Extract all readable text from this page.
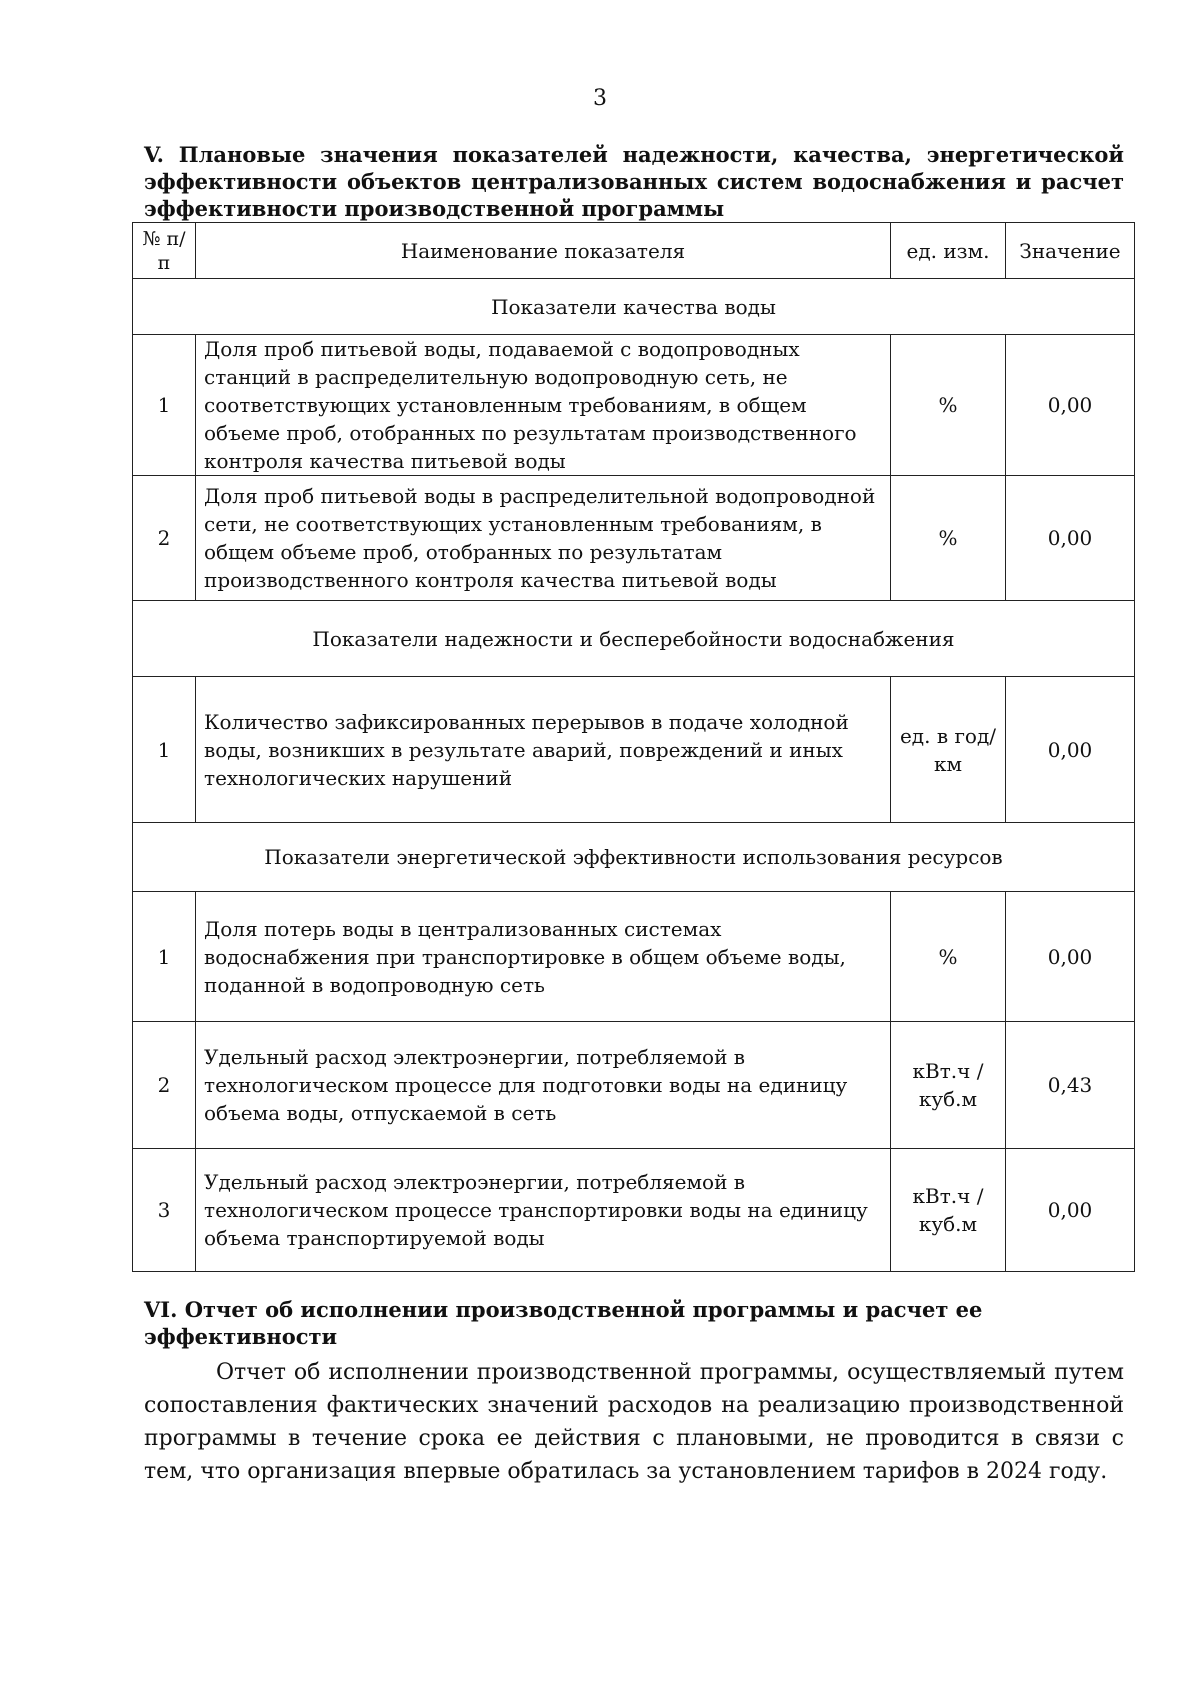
3
V. Плановые значения показателей надежности, качества, энергетической эффективности объектов централизованных систем водоснабжения и расчет эффективности производственной программы
№ п/п	Наименование показателя	ед. изм.	Значение
Показатели качества воды			
1	Доля проб питьевой воды, подаваемой с водопроводных станций в распределительную водопроводную сеть, не соответствующих установленным требованиям, в общем объеме проб, отобранных по результатам производственного контроля качества питьевой воды	%	0,00
2	Доля проб питьевой воды в распределительной водопроводной сети, не соответствующих установленным требованиям, в общем объеме проб, отобранных по результатам производственного контроля качества питьевой воды	%	0,00
Показатели надежности и бесперебойности водоснабжения			
1	Количество зафиксированных перерывов в подаче холодной воды, возникших в результате аварий, повреждений и иных технологических нарушений	ед. в год/ км	0,00
Показатели энергетической эффективности использования ресурсов			
1	Доля потерь воды в централизованных системах водоснабжения при транспортировке в общем объеме воды, поданной в водопроводную сеть	%	0,00
2	Удельный расход электроэнергии, потребляемой в технологическом процессе для подготовки воды на единицу объема воды, отпускаемой в сеть	кВт.ч / куб.м	0,43
3	Удельный расход электроэнергии, потребляемой в технологическом процессе транспортировки воды на единицу объема транспортируемой воды	кВт.ч / куб.м	0,00
VI. Отчет об исполнении производственной программы и расчет ее эффективности
Отчет об исполнении производственной программы, осуществляемый путем сопоставления фактических значений расходов на реализацию производственной программы в течение срока ее действия с плановыми, не проводится в связи с тем, что организация впервые обратилась за установлением тарифов в 2024 году.
